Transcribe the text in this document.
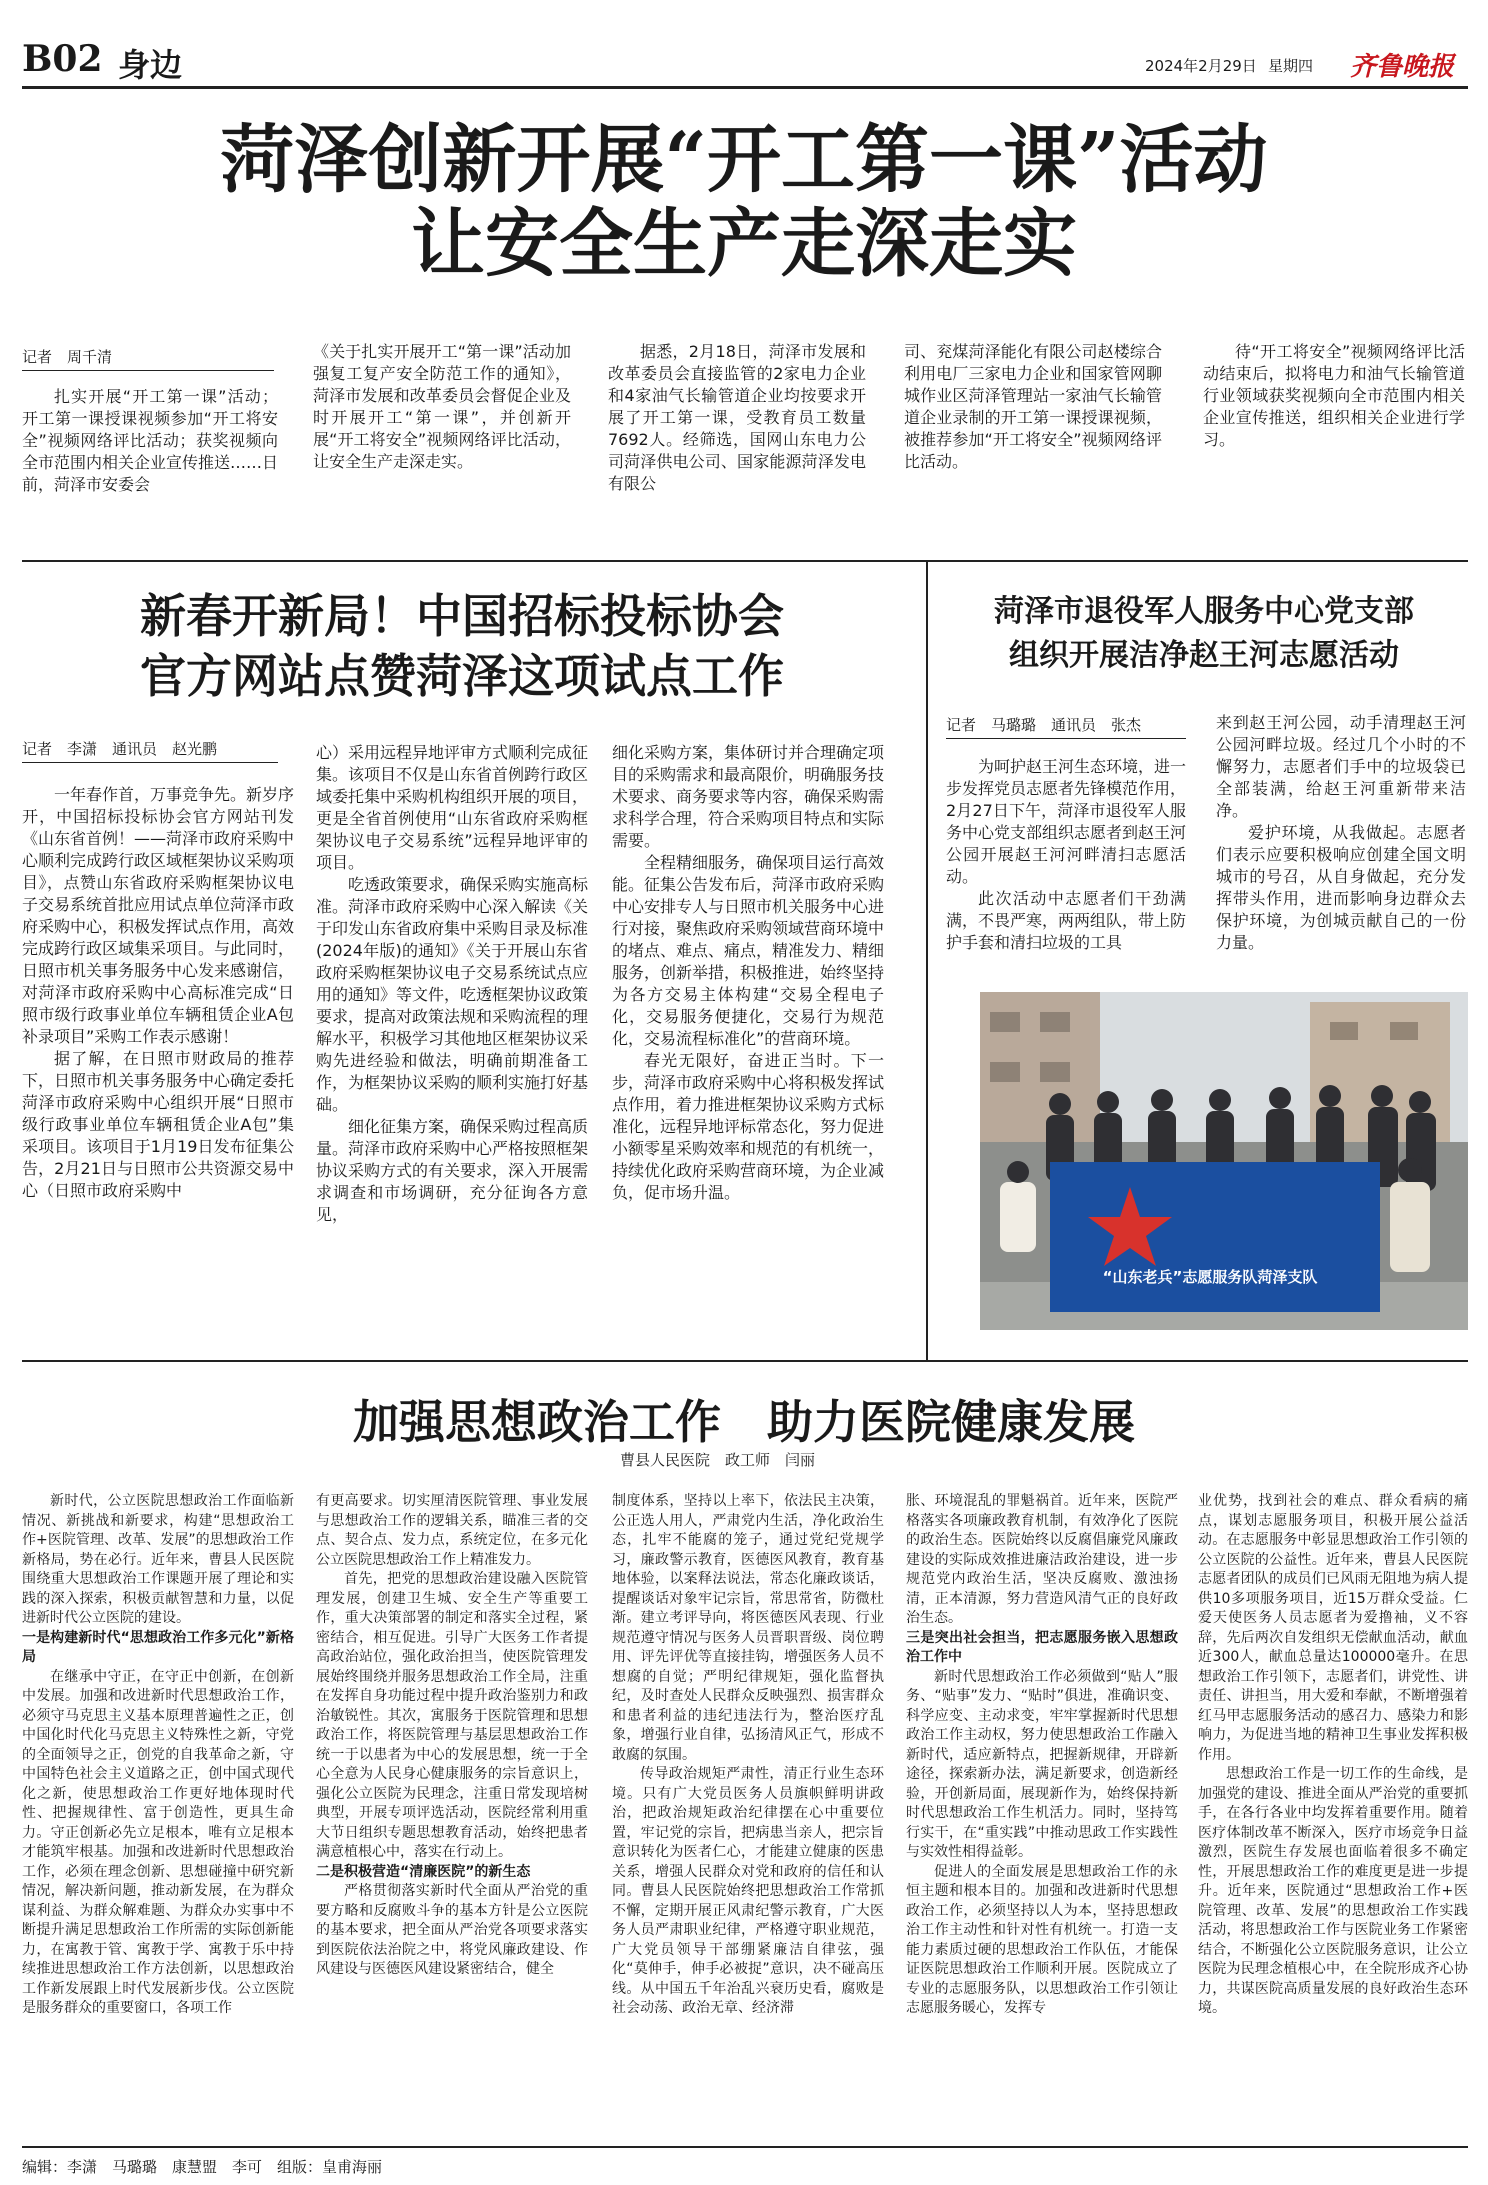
B02 身边	2024年2月29日 星期四 齐鲁晚报
菏泽创新开展“开工第一课”活动
让安全生产走深走实
记者　周千清

扎实开展“开工第一课”活动；开工第一课授课视频参加“开工将安全”视频网络评比活动；获奖视频向全市范围内相关企业宣传推送……日前，菏泽市安委会

《关于扎实开展开工“第一课”活动加强复工复产安全防范工作的通知》，菏泽市发展和改革委员会督促企业及时开展开工“第一课”，并创新开展“开工将安全”视频网络评比活动，让安全生产走深走实。

据悉，2月18日，菏泽市发展和改革委员会直接监管的2家电力企业和4家油气长输管道企业均按要求开展了开工第一课，受教育员工数量7692人。经筛选，国网山东电力公司菏泽供电公司、国家能源菏泽发电有限公

司、兖煤菏泽能化有限公司赵楼综合利用电厂三家电力企业和国家管网聊城作业区菏泽管理站一家油气长输管道企业录制的开工第一课授课视频，被推荐参加“开工将安全”视频网络评比活动。

待“开工将安全”视频网络评比活动结束后，拟将电力和油气长输管道行业领域获奖视频向全市范围内相关企业宣传推送，组织相关企业进行学习。

新春开新局！中国招标投标协会
官方网站点赞菏泽这项试点工作
记者　李潇　通讯员　赵光鹏

一年春作首，万事竞争先。新岁序开，中国招标投标协会官方网站刊发《山东省首例！——菏泽市政府采购中心顺利完成跨行政区域框架协议采购项目》，点赞山东省政府采购框架协议电子交易系统首批应用试点单位菏泽市政府采购中心，积极发挥试点作用，高效完成跨行政区域集采项目。与此同时，日照市机关事务服务中心发来感谢信，对菏泽市政府采购中心高标准完成“日照市级行政事业单位车辆租赁企业A包补录项目”采购工作表示感谢！

据了解，在日照市财政局的推荐下，日照市机关事务服务中心确定委托菏泽市政府采购中心组织开展“日照市级行政事业单位车辆租赁企业A包”集采项目。该项目于1月19日发布征集公告，2月21日与日照市公共资源交易中心（日照市政府采购中

心）采用远程异地评审方式顺利完成征集。该项目不仅是山东省首例跨行政区域委托集中采购机构组织开展的项目，更是全省首例使用“山东省政府采购框架协议电子交易系统”远程异地评审的项目。

吃透政策要求，确保采购实施高标准。菏泽市政府采购中心深入解读《关于印发山东省政府集中采购目录及标准(2024年版)的通知》《关于开展山东省政府采购框架协议电子交易系统试点应用的通知》等文件，吃透框架协议政策要求，提高对政策法规和采购流程的理解水平，积极学习其他地区框架协议采购先进经验和做法，明确前期准备工作，为框架协议采购的顺利实施打好基础。

细化征集方案，确保采购过程高质量。菏泽市政府采购中心严格按照框架协议采购方式的有关要求，深入开展需求调查和市场调研，充分征询各方意见，

细化采购方案，集体研讨并合理确定项目的采购需求和最高限价，明确服务技术要求、商务要求等内容，确保采购需求科学合理，符合采购项目特点和实际需要。

全程精细服务，确保项目运行高效能。征集公告发布后，菏泽市政府采购中心安排专人与日照市机关服务中心进行对接，聚焦政府采购领域营商环境中的堵点、难点、痛点，精准发力、精细服务，创新举措，积极推进，始终坚持为各方交易主体构建“交易全程电子化，交易服务便捷化，交易行为规范化，交易流程标准化”的营商环境。

春光无限好，奋进正当时。下一步，菏泽市政府采购中心将积极发挥试点作用，着力推进框架协议采购方式标准化，远程异地评标常态化，努力促进小额零星采购效率和规范的有机统一，持续优化政府采购营商环境，为企业减负，促市场升温。

菏泽市退役军人服务中心党支部
组织开展洁净赵王河志愿活动
记者　马璐璐　通讯员　张杰

为呵护赵王河生态环境，进一步发挥党员志愿者先锋模范作用，2月27日下午，菏泽市退役军人服务中心党支部组织志愿者到赵王河公园开展赵王河河畔清扫志愿活动。

此次活动中志愿者们干劲满满，不畏严寒，两两组队，带上防护手套和清扫垃圾的工具

来到赵王河公园，动手清理赵王河公园河畔垃圾。经过几个小时的不懈努力，志愿者们手中的垃圾袋已全部装满，给赵王河重新带来洁净。

爱护环境，从我做起。志愿者们表示应要积极响应创建全国文明城市的号召，从自身做起，充分发挥带头作用，进而影响身边群众去保护环境，为创城贡献自己的一份力量。

“山东老兵”志愿服务队菏泽支队
加强思想政治工作　助力医院健康发展
曹县人民医院　政工师　闫丽

新时代，公立医院思想政治工作面临新情况、新挑战和新要求，构建“思想政治工作+医院管理、改革、发展”的思想政治工作新格局，势在必行。近年来，曹县人民医院围绕重大思想政治工作课题开展了理论和实践的深入探索，积极贡献智慧和力量，以促进新时代公立医院的建设。

一是构建新时代“思想政治工作多元化”新格局

在继承中守正，在守正中创新，在创新中发展。加强和改进新时代思想政治工作，必须守马克思主义基本原理普遍性之正，创中国化时代化马克思主义特殊性之新，守党的全面领导之正，创党的自我革命之新，守中国特色社会主义道路之正，创中国式现代化之新，使思想政治工作更好地体现时代性、把握规律性、富于创造性，更具生命力。守正创新必先立足根本，唯有立足根本才能筑牢根基。加强和改进新时代思想政治工作，必须在理念创新、思想碰撞中研究新情况，解决新问题，推动新发展，在为群众谋利益、为群众解难题、为群众办实事中不断提升满足思想政治工作所需的实际创新能力，在寓教于管、寓教于学、寓教于乐中持续推进思想政治工作方法创新，以思想政治工作新发展跟上时代发展新步伐。公立医院是服务群众的重要窗口，各项工作

有更高要求。切实厘清医院管理、事业发展与思想政治工作的逻辑关系，瞄准三者的交点、契合点、发力点，系统定位，在多元化公立医院思想政治工作上精准发力。

首先，把党的思想政治建设融入医院管理发展，创建卫生城、安全生产等重要工作，重大决策部署的制定和落实全过程，紧密结合，相互促进。引导广大医务工作者提高政治站位，强化政治担当，使医院管理发展始终围绕并服务思想政治工作全局，注重在发挥自身功能过程中提升政治鉴别力和政治敏锐性。其次，寓服务于医院管理和思想政治工作，将医院管理与基层思想政治工作统一于以患者为中心的发展思想，统一于全心全意为人民身心健康服务的宗旨意识上，强化公立医院为民理念，注重日常发现培树典型，开展专项评选活动，医院经常利用重大节日组织专题思想教育活动，始终把患者满意植根心中，落实在行动上。

二是积极营造“清廉医院”的新生态

严格贯彻落实新时代全面从严治党的重要方略和反腐败斗争的基本方针是公立医院的基本要求，把全面从严治党各项要求落实到医院依法治院之中，将党风廉政建设、作风建设与医德医风建设紧密结合，健全

制度体系，坚持以上率下，依法民主决策，公正选人用人，严肃党内生活，净化政治生态，扎牢不能腐的笼子，通过党纪党规学习，廉政警示教育，医德医风教育，教育基地体验，以案释法说法，常态化廉政谈话，提醒谈话对象牢记宗旨，常思常省，防微杜渐。建立考评导向，将医德医风表现、行业规范遵守情况与医务人员晋职晋级、岗位聘用、评先评优等直接挂钩，增强医务人员不想腐的自觉；严明纪律规矩，强化监督执纪，及时查处人民群众反映强烈、损害群众和患者利益的违纪违法行为，整治医疗乱象，增强行业自律，弘扬清风正气，形成不敢腐的氛围。

传导政治规矩严肃性，清正行业生态环境。只有广大党员医务人员旗帜鲜明讲政治，把政治规矩政治纪律摆在心中重要位置，牢记党的宗旨，把病患当亲人，把宗旨意识转化为医者仁心，才能建立健康的医患关系，增强人民群众对党和政府的信任和认同。曹县人民医院始终把思想政治工作常抓不懈，定期开展正风肃纪警示教育，广大医务人员严肃职业纪律，严格遵守职业规范，广大党员领导干部绷紧廉洁自律弦，强化“莫伸手，伸手必被捉”意识，决不碰高压线。从中国五千年治乱兴衰历史看，腐败是社会动荡、政治无章、经济滞

胀、环境混乱的罪魁祸首。近年来，医院严格落实各项廉政教育机制，有效净化了医院的政治生态。医院始终以反腐倡廉党风廉政建设的实际成效推进廉洁政治建设，进一步规范党内政治生活，坚决反腐败、激浊扬清，正本清源，努力营造风清气正的良好政治生态。

三是突出社会担当，把志愿服务嵌入思想政治工作中

新时代思想政治工作必须做到“贴人”服务、“贴事”发力、“贴时”俱进，准确识变、科学应变、主动求变，牢牢掌握新时代思想政治工作主动权，努力使思想政治工作融入新时代，适应新特点，把握新规律，开辟新途径，探索新办法，满足新要求，创造新经验，开创新局面，展现新作为，始终保持新时代思想政治工作生机活力。同时，坚持笃行实干，在“重实践”中推动思政工作实践性与实效性相得益彰。

促进人的全面发展是思想政治工作的永恒主题和根本目的。加强和改进新时代思想政治工作，必须坚持以人为本，坚持思想政治工作主动性和针对性有机统一。打造一支能力素质过硬的思想政治工作队伍，才能保证医院思想政治工作顺利开展。医院成立了专业的志愿服务队，以思想政治工作引领让志愿服务暖心，发挥专

业优势，找到社会的难点、群众看病的痛点，谋划志愿服务项目，积极开展公益活动。在志愿服务中彰显思想政治工作引领的公立医院的公益性。近年来，曹县人民医院志愿者团队的成员们已风雨无阻地为病人提供10多项服务项目，近15万群众受益。仁爱天使医务人员志愿者为爱撸袖，义不容辞，先后两次自发组织无偿献血活动，献血近300人，献血总量达100000毫升。在思想政治工作引领下，志愿者们，讲党性、讲责任、讲担当，用大爱和奉献，不断增强着红马甲志愿服务活动的感召力、感染力和影响力，为促进当地的精神卫生事业发挥积极作用。

思想政治工作是一切工作的生命线，是加强党的建设、推进全面从严治党的重要抓手，在各行各业中均发挥着重要作用。随着医疗体制改革不断深入，医疗市场竞争日益激烈，医院生存发展也面临着很多不确定性，开展思想政治工作的难度更是进一步提升。近年来，医院通过“思想政治工作+医院管理、改革、发展”的思想政治工作实践活动，将思想政治工作与医院业务工作紧密结合，不断强化公立医院服务意识，让公立医院为民理念植根心中，在全院形成齐心协力，共谋医院高质量发展的良好政治生态环境。

编辑：李潇　马璐璐　康慧盟　李可　组版：皇甫海丽
